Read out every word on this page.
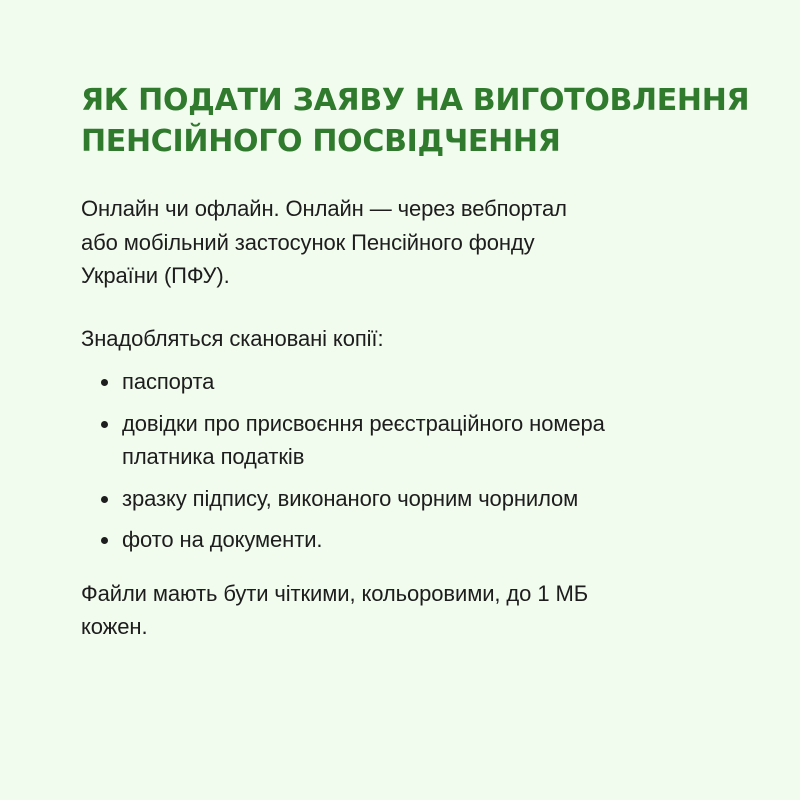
ЯК ПОДАТИ ЗАЯВУ НА ВИГОТОВЛЕННЯ
ПЕНСІЙНОГО ПОСВІДЧЕННЯ

Онлайн чи офлайн. Онлайн — через вебпортал
або мобільний застосунок Пенсійного фонду
України (ПФУ).

Знадобляться скановані копії:

паспорта
довідки про присвоєння реєстраційного номера
платника податків
зразку підпису, виконаного чорним чорнилом
фото на документи.

Файли мають бути чіткими, кольоровими, до 1 МБ
кожен.
